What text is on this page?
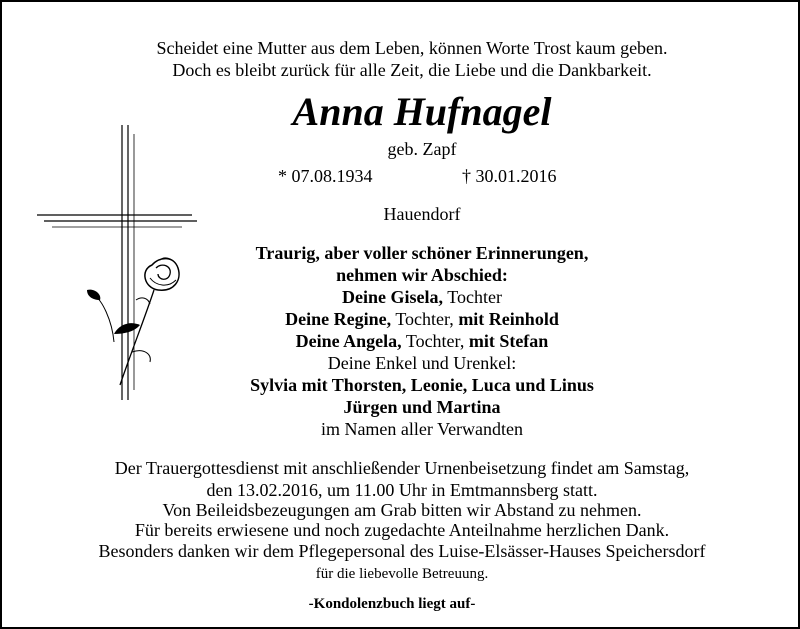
Scheidet eine Mutter aus dem Leben, können Worte Trost kaum geben.
Doch es bleibt zurück für alle Zeit, die Liebe und die Dankbarkeit.
Anna Hufnagel
geb. Zapf
* 07.08.1934	† 30.01.2016
Hauendorf
Traurig, aber voller schöner Erinnerungen,
nehmen wir Abschied:
Deine Gisela, Tochter
Deine Regine, Tochter, mit Reinhold
Deine Angela, Tochter, mit Stefan
Deine Enkel und Urenkel:
Sylvia mit Thorsten, Leonie, Luca und Linus
Jürgen und Martina
im Namen aller Verwandten
Der Trauergottesdienst mit anschließender Urnenbeisetzung findet am Samstag,
den 13.02.2016, um 11.00 Uhr in Emtmannsberg statt.
Von Beileidsbezeugungen am Grab bitten wir Abstand zu nehmen.
Für bereits erwiesene und noch zugedachte Anteilnahme herzlichen Dank.
Besonders danken wir dem Pflegepersonal des Luise-Elsässer-Hauses Speichersdorf
für die liebevolle Betreuung.
-Kondolenzbuch liegt auf-
